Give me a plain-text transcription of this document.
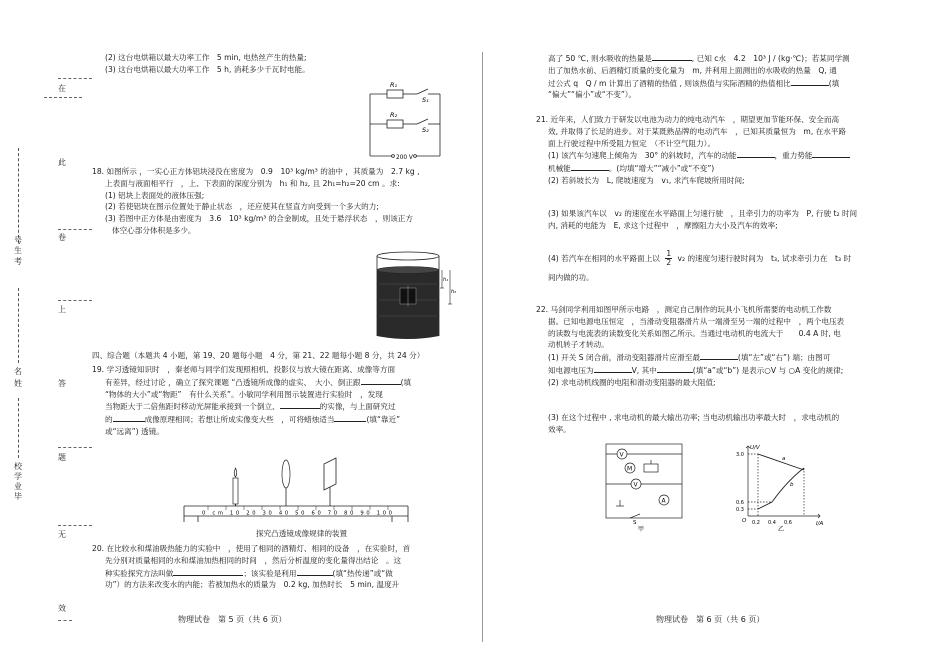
在
此
卷
上
答
题
无
效
考
生
号
姓
名
毕
业
学
校

(2) 这台电烘箱以最大功率工作　5 min, 电热丝产生的热量;

(3) 这台电烘箱以最大功率工作　5 h, 消耗多少千瓦时电能。

R₁
S₁
R₂
S₂
200 V

18. 如图所示 ，一实心正方体铝块浸没在密度为　0.9　10³ kg/m³ 的油中 ，其质量为　2.7 kg ,

上表面与液面相平行　，上、下表面的深度分别为　h₁ 和 h₂, 且 2h₁=h₂=20 cm 。求:

(1) 铝块上表面处的液体压强;

(2) 若使铝块在图示位置处于静止状态　，还应使其在竖直方向受到一个多大的力;

(3) 若图中正方体是由密度为　3.6　10³ kg/m³ 的合金制成，且处于悬浮状态　，则该正方

体空心部分体积是多少。

h₁
h₂

四、综合题（本题共 4 小题，第 19、20 题每小题　4 分，第 21、22 题每小题 8 分，共 24 分）

19. 学习透镜知识时　，秦老师与同学们发现照相机、投影仪与放大镜在距离、成像等方面

有差异，经过讨论 ，确立了探究课题 “凸透镜所成像的虚实、　大小、倒正跟	(填

“物体的大小”或“物距”　 有什么关系”。小敏同学利用图示装置进行实验时　，发现

当物距大于二倍焦距时移动光屏能承接到一个倒立、	的实像，与上面研究过

的	成像原理相同；若想让所成实像变大些　，可将蜡烛适当	(填“靠近”

或“远离”) 透镜。

0 cm 10 20 30 40 50 60 70 80 90 100

探究凸透镜成像规律的装置

20. 在比较水和煤油吸热能力的实验中　，使用了相同的酒精灯、相同的设备　，在实验时，首

先分别对质量相同的水和煤油加热相同的时间　，然后分析温度的变化量得出结论　。这

种实验探究方法叫做	；该实验是利用	(填“热传递”或“做

功”）的方法来改变水的内能；若被加热水的质量为　0.2 kg, 加热时长　5 min, 温度升

物理试卷　第 5 页（共 6 页）

高了 50 ℃, 则水吸收的热量是	, 已知 c水　4.2　10³ J / (kg·℃)；若某同学测

出了加热水前、后酒精灯质量的变化量为　m, 并利用上面测出的水吸收的热量　Q, 通

过公式 q　Q / m 计算出了酒精的热值 , 则该热值与实际酒精的热值相比	(填

“偏大”“偏小”或“不变”）。

21. 近年来，人们致力于研发以电池为动力的纯电动汽车　，期望更加节能环保、安全而高

效, 并取得了长足的进步。对于某既熟品牌的电动汽车　，已知其质量恒为　m, 在水平路

面上行驶过程中所受阻力恒定　（不计空气阻力）。

(1) 该汽车匀速爬上倾角为　30° 的斜坡时，汽车的动能	，重力势能

机械能	。(均填“增大”“减小”或“不变”)

(2) 若斜坡长为　L, 爬坡速度为　v₁, 求汽车爬坡所用时间;

(3) 如果该汽车以　v₂ 的速度在水平路面上匀速行驶　，且牵引力的功率为　P, 行驶 t₂ 时间

内, 消耗的电能为　E, 求这个过程中　，摩擦阻力大小及汽车的效率;

(4) 若汽车在相同的水平路面上以 $\frac{1}{2} v_2$ 的速度匀速行驶时间为　t₃, 试求牵引力在　t₃ 时

间内做的功。

22. 马剑同学利用如图甲所示电路　，测定自己制作的玩具小飞机所需要的电动机工作数

据。已知电源电压恒定　，当滑动变阻器滑片从一端滑至另一端的过程中　，两个电压表

的读数与电流表的读数变化关系如图乙所示。当通过电动机的电流大于　　0.4 A 时, 电

动机转子才转动。

(1) 开关 S 闭合前，滑动变阻器滑片应滑至最	(填“左”或“右”) 端；由图可

知电源电压为	V, 其中	(填“a”或“b”) 是表示○V 与 ○A 变化的规律;

(2) 求电动机线圈的电阻和滑动变阻器的最大阻值;

(3) 在这个过程中 , 求电动机的最大输出功率; 当电动机输出功率最大时　，求电动机的

效率。

V
M
V
A
S
甲
U/V
I/A
3.0
0.6
0.3
O 0.2 0.4 0.6
a
b
乙
物理试卷　第 6 页（共 6 页）
